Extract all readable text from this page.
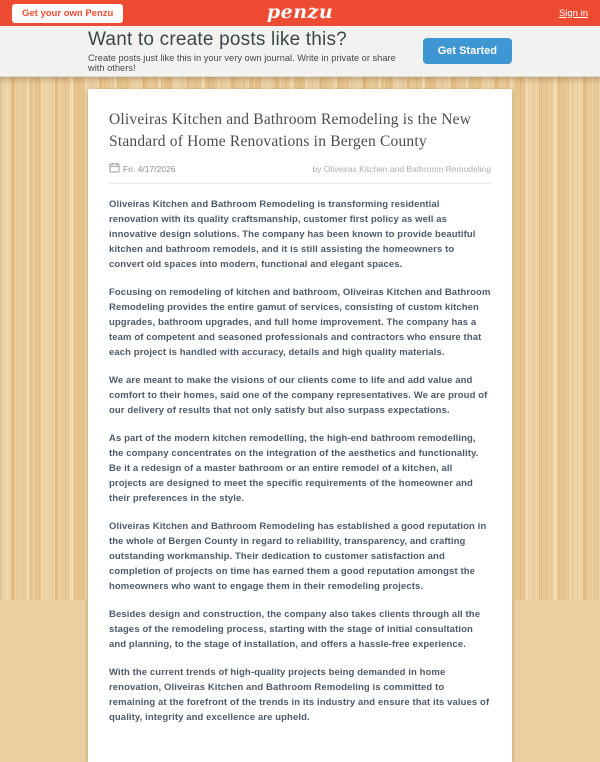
Get your own Penzu	penzu	Sign in
Want to create posts like this?

Create posts just like this in your very own journal. Write in private or share with others!

Get Started
Oliveiras Kitchen and Bathroom Remodeling is the New Standard of Home Renovations in Bergen County
Fri. 4/17/2026	by Oliveiras Kitchen and Bathroom Remodeling

Oliveiras Kitchen and Bathroom Remodeling is transforming residential renovation with its quality craftsmanship, customer first policy as well as innovative design solutions. The company has been known to provide beautiful kitchen and bathroom remodels, and it is still assisting the homeowners to convert old spaces into modern, functional and elegant spaces.

Focusing on remodeling of kitchen and bathroom, Oliveiras Kitchen and Bathroom Remodeling provides the entire gamut of services, consisting of custom kitchen upgrades, bathroom upgrades, and full home improvement. The company has a team of competent and seasoned professionals and contractors who ensure that each project is handled with accuracy, details and high quality materials.

We are meant to make the visions of our clients come to life and add value and comfort to their homes, said one of the company representatives. We are proud of our delivery of results that not only satisfy but also surpass expectations.

As part of the modern kitchen remodelling, the high-end bathroom remodelling, the company concentrates on the integration of the aesthetics and functionality. Be it a redesign of a master bathroom or an entire remodel of a kitchen, all projects are designed to meet the specific requirements of the homeowner and their preferences in the style.

Oliveiras Kitchen and Bathroom Remodeling has established a good reputation in the whole of Bergen County in regard to reliability, transparency, and crafting outstanding workmanship. Their dedication to customer satisfaction and completion of projects on time has earned them a good reputation amongst the homeowners who want to engage them in their remodeling projects.

Besides design and construction, the company also takes clients through all the stages of the remodeling process, starting with the stage of initial consultation and planning, to the stage of installation, and offers a hassle-free experience.

With the current trends of high-quality projects being demanded in home renovation, Oliveiras Kitchen and Bathroom Remodeling is committed to remaining at the forefront of the trends in its industry and ensure that its values of quality, integrity and excellence are upheld.
